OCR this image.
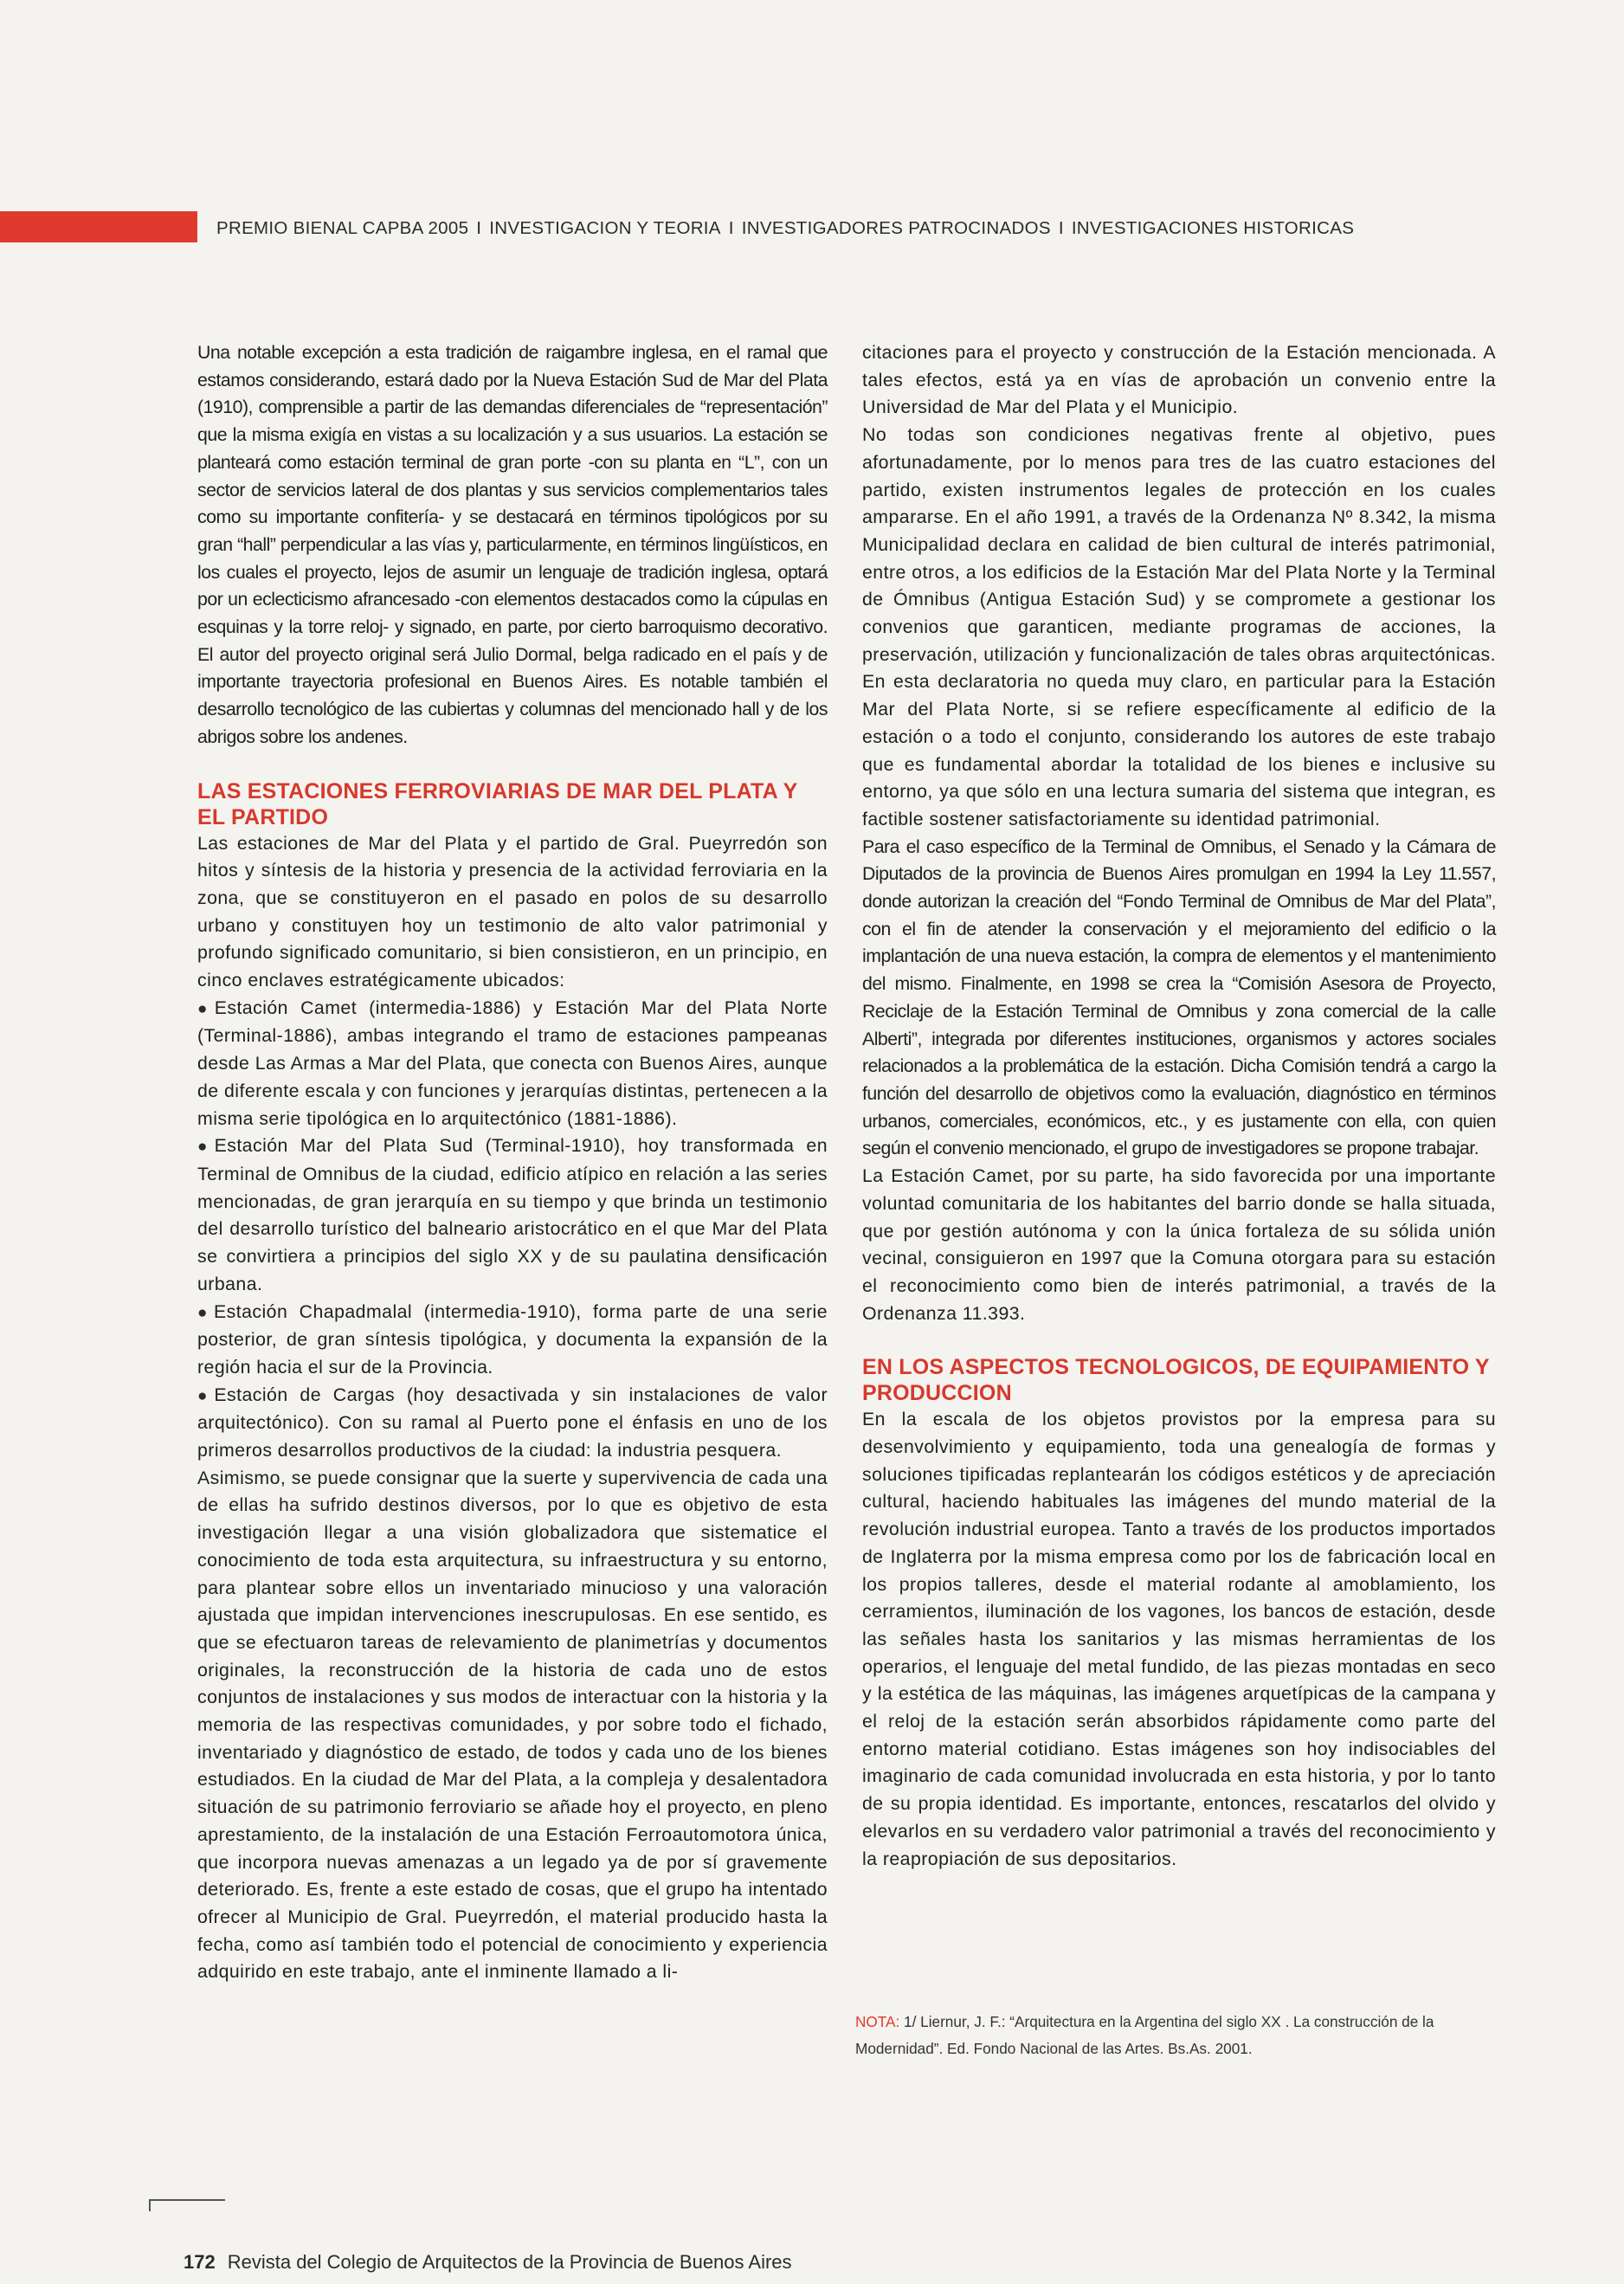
PREMIO BIENAL CAPBA 2005 I INVESTIGACION Y TEORIA I INVESTIGADORES PATROCINADOS I INVESTIGACIONES HISTORICAS

Una notable excepción a esta tradición de raigambre inglesa, en el ramal que estamos considerando, estará dado por la Nueva Estación Sud de Mar del Plata (1910), comprensible a partir de las demandas diferenciales de “representación” que la misma exigía en vistas a su localización y a sus usuarios. La estación se planteará como estación terminal de gran porte -con su planta en “L”, con un sector de servicios lateral de dos plantas y sus servicios complementarios tales como su importante confitería- y se destacará en términos tipológicos por su gran “hall” perpendicular a las vías y, particularmente, en términos lingüísticos, en los cuales el proyecto, lejos de asumir un lenguaje de tradición inglesa, optará por un eclecticismo afrancesado -con elementos destacados como la cúpulas en esquinas y la torre reloj- y signado, en parte, por cierto barroquismo decorativo. El autor del proyecto original será Julio Dormal, belga radicado en el país y de importante trayectoria profesional en Buenos Aires. Es notable también el desarrollo tecnológico de las cubiertas y columnas del mencionado hall y de los abrigos sobre los andenes.

LAS ESTACIONES FERROVIARIAS DE MAR DEL PLATA Y EL PARTIDO

Las estaciones de Mar del Plata y el partido de Gral. Pueyrredón son hitos y síntesis de la historia y presencia de la actividad ferroviaria en la zona, que se constituyeron en el pasado en polos de su desarrollo urbano y constituyen hoy un testimonio de alto valor patrimonial y profundo significado comunitario, si bien consistieron, en un principio, en cinco enclaves estratégicamente ubicados:

●Estación Camet (intermedia-1886) y Estación Mar del Plata Norte (Terminal-1886), ambas integrando el tramo de estaciones pampeanas desde Las Armas a Mar del Plata, que conecta con Buenos Aires, aunque de diferente escala y con funciones y jerarquías distintas, pertenecen a la misma serie tipológica en lo arquitectónico (1881-1886).

●Estación Mar del Plata Sud (Terminal-1910), hoy transformada en Terminal de Omnibus de la ciudad, edificio atípico en relación a las series mencionadas, de gran jerarquía en su tiempo y que brinda un testimonio del desarrollo turístico del balneario aristocrático en el que Mar del Plata se convirtiera a principios del siglo XX y de su paulatina densificación urbana.

●Estación Chapadmalal (intermedia-1910), forma parte de una serie posterior, de gran síntesis tipológica, y documenta la expansión de la región hacia el sur de la Provincia.

●Estación de Cargas (hoy desactivada y sin instalaciones de valor arquitectónico). Con su ramal al Puerto pone el énfasis en uno de los primeros desarrollos productivos de la ciudad: la industria pesquera.

Asimismo, se puede consignar que la suerte y supervivencia de cada una de ellas ha sufrido destinos diversos, por lo que es objetivo de esta investigación llegar a una visión globalizadora que sistematice el conocimiento de toda esta arquitectura, su infraestructura y su entorno, para plantear sobre ellos un inventariado minucioso y una valoración ajustada que impidan intervenciones inescrupulosas. En ese sentido, es que se efectuaron tareas de relevamiento de planimetrías y documentos originales, la reconstrucción de la historia de cada uno de estos conjuntos de instalaciones y sus modos de interactuar con la historia y la memoria de las respectivas comunidades, y por sobre todo el fichado, inventariado y diagnóstico de estado, de todos y cada uno de los bienes estudiados. En la ciudad de Mar del Plata, a la compleja y desalentadora situación de su patrimonio ferroviario se añade hoy el proyecto, en pleno aprestamiento, de la instalación de una Estación Ferroautomotora única, que incorpora nuevas amenazas a un legado ya de por sí gravemente deteriorado. Es, frente a este estado de cosas, que el grupo ha intentado ofrecer al Municipio de Gral. Pueyrredón, el material producido hasta la fecha, como así también todo el potencial de conocimiento y experiencia adquirido en este trabajo, ante el inminente llamado a li-

citaciones para el proyecto y construcción de la Estación mencionada. A tales efectos, está ya en vías de aprobación un convenio entre la Universidad de Mar del Plata y el Municipio.

No todas son condiciones negativas frente al objetivo, pues afortunadamente, por lo menos para tres de las cuatro estaciones del partido, existen instrumentos legales de protección en los cuales ampararse. En el año 1991, a través de la Ordenanza Nº 8.342, la misma Municipalidad declara en calidad de bien cultural de interés patrimonial, entre otros, a los edificios de la Estación Mar del Plata Norte y la Terminal de Ómnibus (Antigua Estación Sud) y se compromete a gestionar los convenios que garanticen, mediante programas de acciones, la preservación, utilización y funcionalización de tales obras arquitectónicas. En esta declaratoria no queda muy claro, en particular para la Estación Mar del Plata Norte, si se refiere específicamente al edificio de la estación o a todo el conjunto, considerando los autores de este trabajo que es fundamental abordar la totalidad de los bienes e inclusive su entorno, ya que sólo en una lectura sumaria del sistema que integran, es factible sostener satisfactoriamente su identidad patrimonial.

Para el caso específico de la Terminal de Omnibus, el Senado y la Cámara de Diputados de la provincia de Buenos Aires promulgan en 1994 la Ley 11.557, donde autorizan la creación del “Fondo Terminal de Omnibus de Mar del Plata”, con el fin de atender la conservación y el mejoramiento del edificio o la implantación de una nueva estación, la compra de elementos y el mantenimiento del mismo. Finalmente, en 1998 se crea la “Comisión Asesora de Proyecto, Reciclaje de la Estación Terminal de Omnibus y zona comercial de la calle Alberti”, integrada por diferentes instituciones, organismos y actores sociales relacionados a la problemática de la estación. Dicha Comisión tendrá a cargo la función del desarrollo de objetivos como la evaluación, diagnóstico en términos urbanos, comerciales, económicos, etc., y es justamente con ella, con quien según el convenio mencionado, el grupo de investigadores se propone trabajar.

La Estación Camet, por su parte, ha sido favorecida por una importante voluntad comunitaria de los habitantes del barrio donde se halla situada, que por gestión autónoma y con la única fortaleza de su sólida unión vecinal, consiguieron en 1997 que la Comuna otorgara para su estación el reconocimiento como bien de interés patrimonial, a través de la Ordenanza 11.393.

EN LOS ASPECTOS TECNOLOGICOS, DE EQUIPAMIENTO Y PRODUCCION

En la escala de los objetos provistos por la empresa para su desenvolvimiento y equipamiento, toda una genealogía de formas y soluciones tipificadas replantearán los códigos estéticos y de apreciación cultural, haciendo habituales las imágenes del mundo material de la revolución industrial europea. Tanto a través de los productos importados de Inglaterra por la misma empresa como por los de fabricación local en los propios talleres, desde el material rodante al amoblamiento, los cerramientos, iluminación de los vagones, los bancos de estación, desde las señales hasta los sanitarios y las mismas herramientas de los operarios, el lenguaje del metal fundido, de las piezas montadas en seco y la estética de las máquinas, las imágenes arquetípicas de la campana y el reloj de la estación serán absorbidos rápidamente como parte del entorno material cotidiano. Estas imágenes son hoy indisociables del imaginario de cada comunidad involucrada en esta historia, y por lo tanto de su propia identidad. Es importante, entonces, rescatarlos del olvido y elevarlos en su verdadero valor patrimonial a través del reconocimiento y la reapropiación de sus depositarios.

NOTA: 1/ Liernur, J. F.: “Arquitectura en la Argentina del siglo XX . La construcción de la Modernidad”. Ed. Fondo Nacional de las Artes. Bs.As. 2001.
172 Revista del Colegio de Arquitectos de la Provincia de Buenos Aires
